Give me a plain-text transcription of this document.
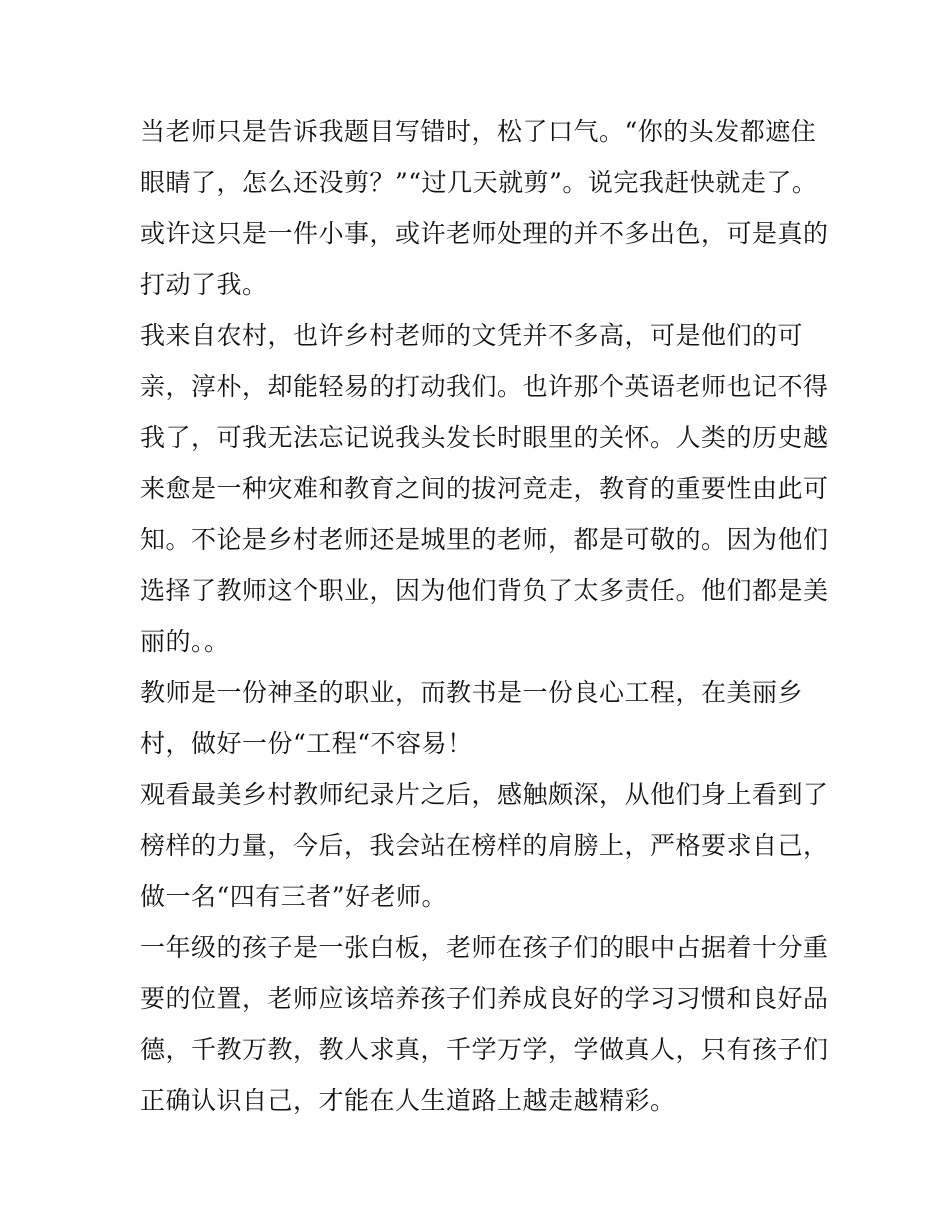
当老师只是告诉我题目写错时，松了口气。“你的头发都遮住
眼睛了，怎么还没剪？”“过几天就剪”。说完我赶快就走了。
或许这只是一件小事，或许老师处理的并不多出色，可是真的
打动了我。
我来自农村，也许乡村老师的文凭并不多高，可是他们的可
亲，淳朴，却能轻易的打动我们。也许那个英语老师也记不得
我了，可我无法忘记说我头发长时眼里的关怀。人类的历史越
来愈是一种灾难和教育之间的拔河竞走，教育的重要性由此可
知。不论是乡村老师还是城里的老师，都是可敬的。因为他们
选择了教师这个职业，因为他们背负了太多责任。他们都是美
丽的。。
教师是一份神圣的职业，而教书是一份良心工程，在美丽乡
村，做好一份“工程“不容易！
观看最美乡村教师纪录片之后，感触颇深，从他们身上看到了
榜样的力量，今后，我会站在榜样的肩膀上，严格要求自己，
做一名“四有三者”好老师。
一年级的孩子是一张白板，老师在孩子们的眼中占据着十分重
要的位置，老师应该培养孩子们养成良好的学习习惯和良好品
德，千教万教，教人求真，千学万学，学做真人，只有孩子们
正确认识自己，才能在人生道路上越走越精彩。
